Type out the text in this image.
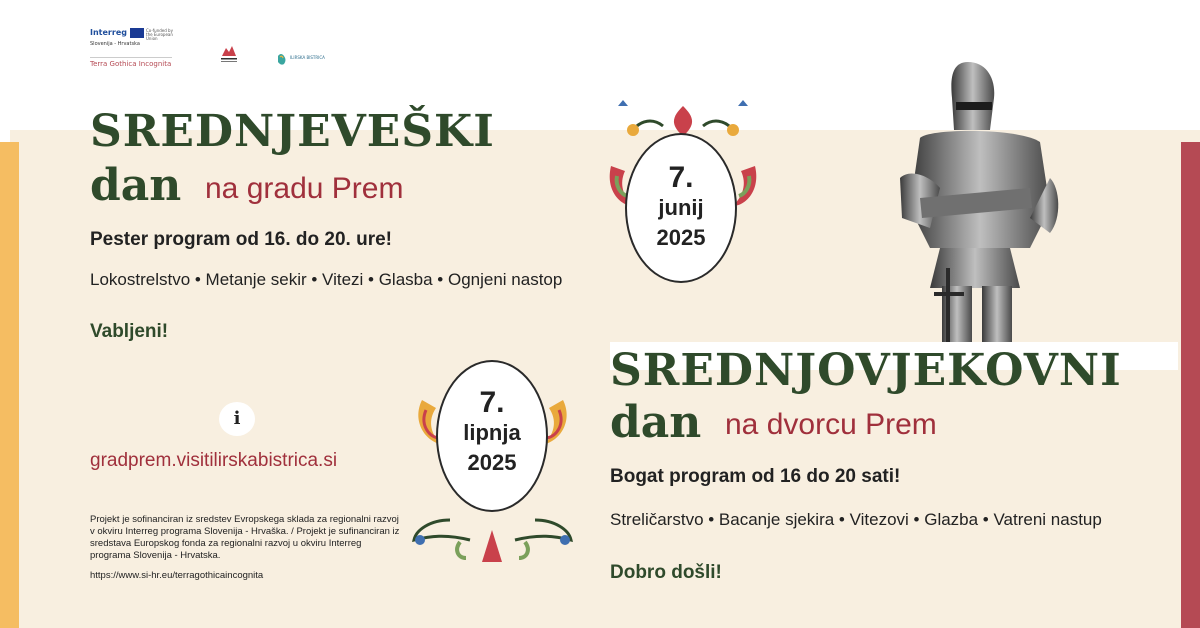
Interreg	Co-funded by the European Union
Slovenija - Hrvatska
Terra Gothica Incognita
ILIRSKA BISTRICA
SREDNJEVEŠKI
dan na gradu Prem
Pester program od 16. do 20. ure!
Lokostrelstvo • Metanje sekir • Vitezi • Glasba • Ognjeni nastop
Vabljeni!
7.
junij
2025
SREDNJOVJEKOVNI
dan na dvorcu Prem
Bogat program od 16 do 20 sati!
Streličarstvo • Bacanje sjekira • Vitezovi • Glazba • Vatreni nastup
Dobro došli!
7.
lipnja
2025
i
gradprem.visitilirskabistrica.si
Projekt je sofinanciran iz sredstev Evropskega sklada za regionalni razvoj v okviru Interreg programa Slovenija - Hrvaška. / Projekt je sufinanciran iz sredstava Europskog fonda za regionalni razvoj u okviru Interreg programa Slovenija - Hrvatska.
https://www.si-hr.eu/terragothicaincognita
